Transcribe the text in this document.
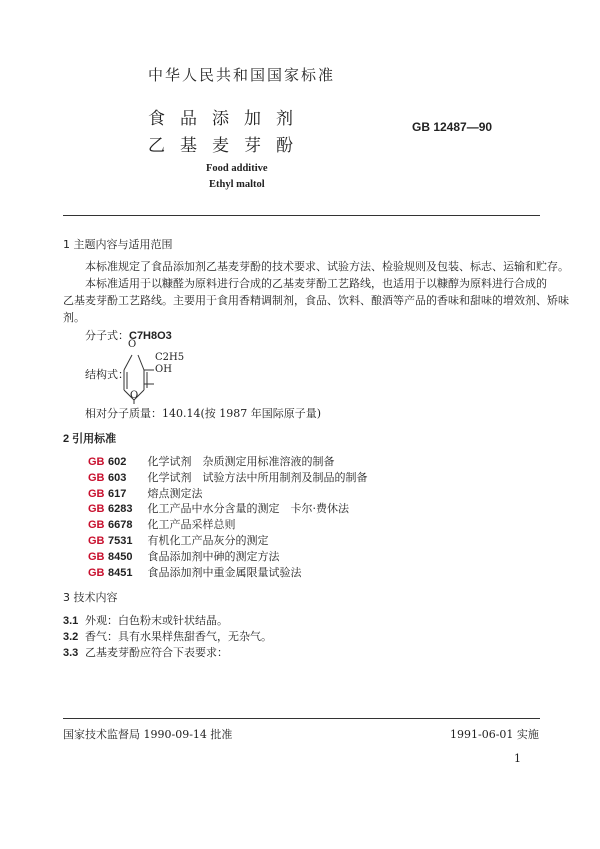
中华人民共和国国家标准
食品添加剂
乙基麦芽酚
GB 12487—90
Food additive
Ethyl maltol
1 主题内容与适用范围
本标准规定了食品添加剂乙基麦芽酚的技术要求、试验方法、检验规则及包装、标志、运输和贮存。
本标准适用于以糠醛为原料进行合成的乙基麦芽酚工艺路线，也适用于以糠醇为原料进行合成的
乙基麦芽酚工艺路线。主要用于食用香精调制剂，食品、饮料、酿酒等产品的香味和甜味的增效剂、矫味
剂。
分子式：C7H8O3
结构式：
O
OH
C2H5
O
相对分子质量：140.14(按 1987 年国际原子量)
2 引用标准
GB 602 化学试剂　杂质测定用标准溶液的制备
GB 603 化学试剂　试验方法中所用制剂及制品的制备
GB 617 熔点测定法
GB 6283 化工产品中水分含量的测定　卡尔·费休法
GB 6678 化工产品采样总则
GB 7531 有机化工产品灰分的测定
GB 8450 食品添加剂中砷的测定方法
GB 8451 食品添加剂中重金属限量试验法
3 技术内容
3.1 外观：白色粉末或针状结晶。
3.2 香气：具有水果样焦甜香气，无杂气。
3.3 乙基麦芽酚应符合下表要求：
国家技术监督局 1990-09-14 批准	1991-06-01 实施
1
